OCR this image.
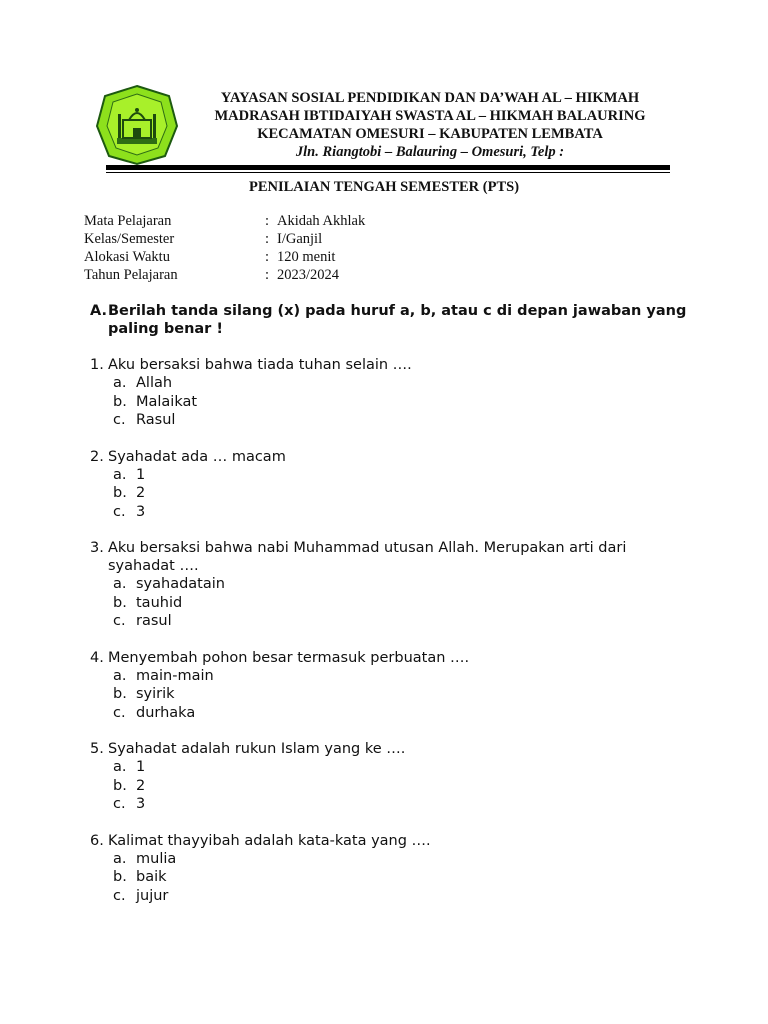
YAYASAN SOSIAL PENDIDIKAN DAN DA’WAH AL – HIKMAH
MADRASAH IBTIDAIYAH SWASTA AL – HIKMAH BALAURING
KECAMATAN OMESURI – KABUPATEN LEMBATA
Jln. Riangtobi – Balauring – Omesuri, Telp :
PENILAIAN TENGAH SEMESTER (PTS)
Mata Pelajaran	: Akidah Akhlak
Kelas/Semester	: I/Ganjil
Alokasi Waktu	: 120 menit
Tahun Pelajaran	: 2023/2024
A. Berilah tanda silang (x) pada huruf a, b, atau c di depan jawaban yang paling benar !
1. Aku bersaksi bahwa tiada tuhan selain ….
a. Allah
b. Malaikat
c. Rasul
2. Syahadat ada … macam
a. 1
b. 2
c. 3
3. Aku bersaksi bahwa nabi Muhammad utusan Allah. Merupakan arti dari syahadat ….
a. syahadatain
b. tauhid
c. rasul
4. Menyembah pohon besar termasuk perbuatan ….
a. main-main
b. syirik
c. durhaka
5. Syahadat adalah rukun Islam yang ke ….
a. 1
b. 2
c. 3
6. Kalimat thayyibah adalah kata-kata yang ….
a. mulia
b. baik
c. jujur
